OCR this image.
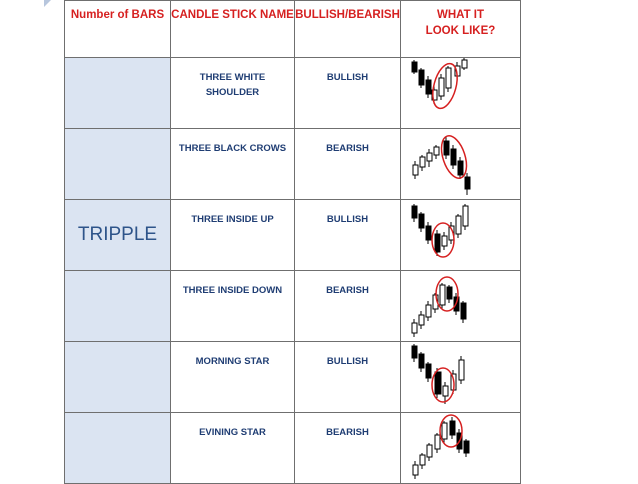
Number of BARS	CANDLE STICK NAME	BULLISH/BEARISH	WHAT IT LOOK LIKE?

	THREE WHITE SHOULDER	BULLISH

	THREE BLACK CROWS	BEARISH

TRIPPLE	THREE INSIDE UP	BULLISH

	THREE INSIDE DOWN	BEARISH

	MORNING STAR	BULLISH

	EVINING STAR	BEARISH
